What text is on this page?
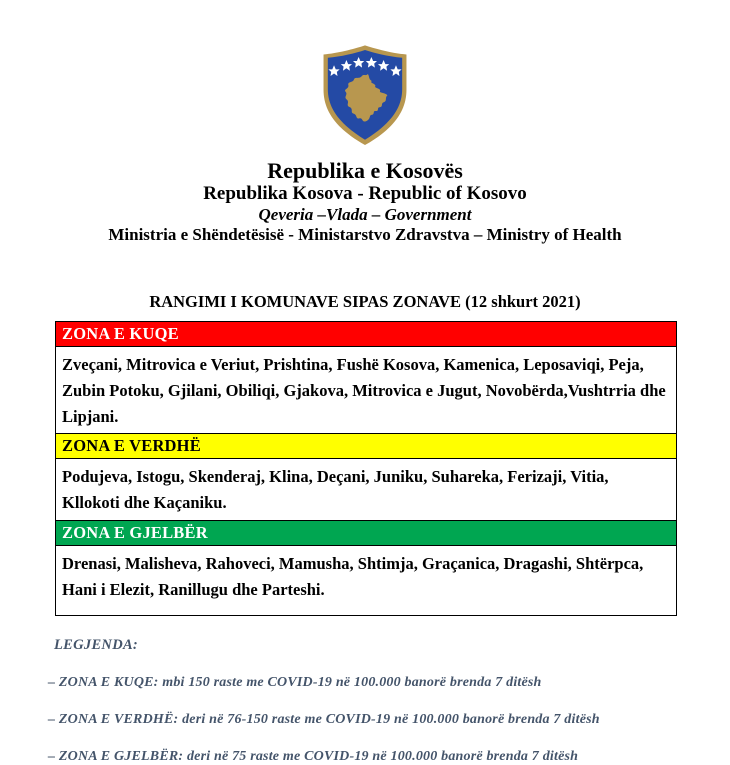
Republika e Kosovës
Republika Kosova - Republic of Kosovo
Qeveria –Vlada – Government
Ministria e Shëndetësisë - Ministarstvo Zdravstva – Ministry of Health
RANGIMI I KOMUNAVE SIPAS ZONAVE (12 shkurt 2021)
ZONA E KUQE
Zveçani, Mitrovica e Veriut, Prishtina, Fushë Kosova, Kamenica, Leposaviqi, Peja, Zubin Potoku, Gjilani, Obiliqi, Gjakova, Mitrovica e Jugut, Novobërda,Vushtrria dhe Lipjani.
ZONA E VERDHË
Podujeva, Istogu, Skenderaj, Klina, Deçani, Juniku, Suhareka, Ferizaji, Vitia, Kllokoti dhe Kaçaniku.
ZONA E GJELBËR
Drenasi, Malisheva, Rahoveci, Mamusha, Shtimja, Graçanica, Dragashi, Shtërpca, Hani i Elezit, Ranillugu dhe Parteshi.
LEGJENDA:
– ZONA E KUQE: mbi 150 raste me COVID-19 në 100.000 banorë brenda 7 ditësh
– ZONA E VERDHË: deri në 76-150 raste me COVID-19 në 100.000 banorë brenda 7 ditësh
– ZONA E GJELBËR: deri në 75 raste me COVID-19 në 100.000 banorë brenda 7 ditësh
